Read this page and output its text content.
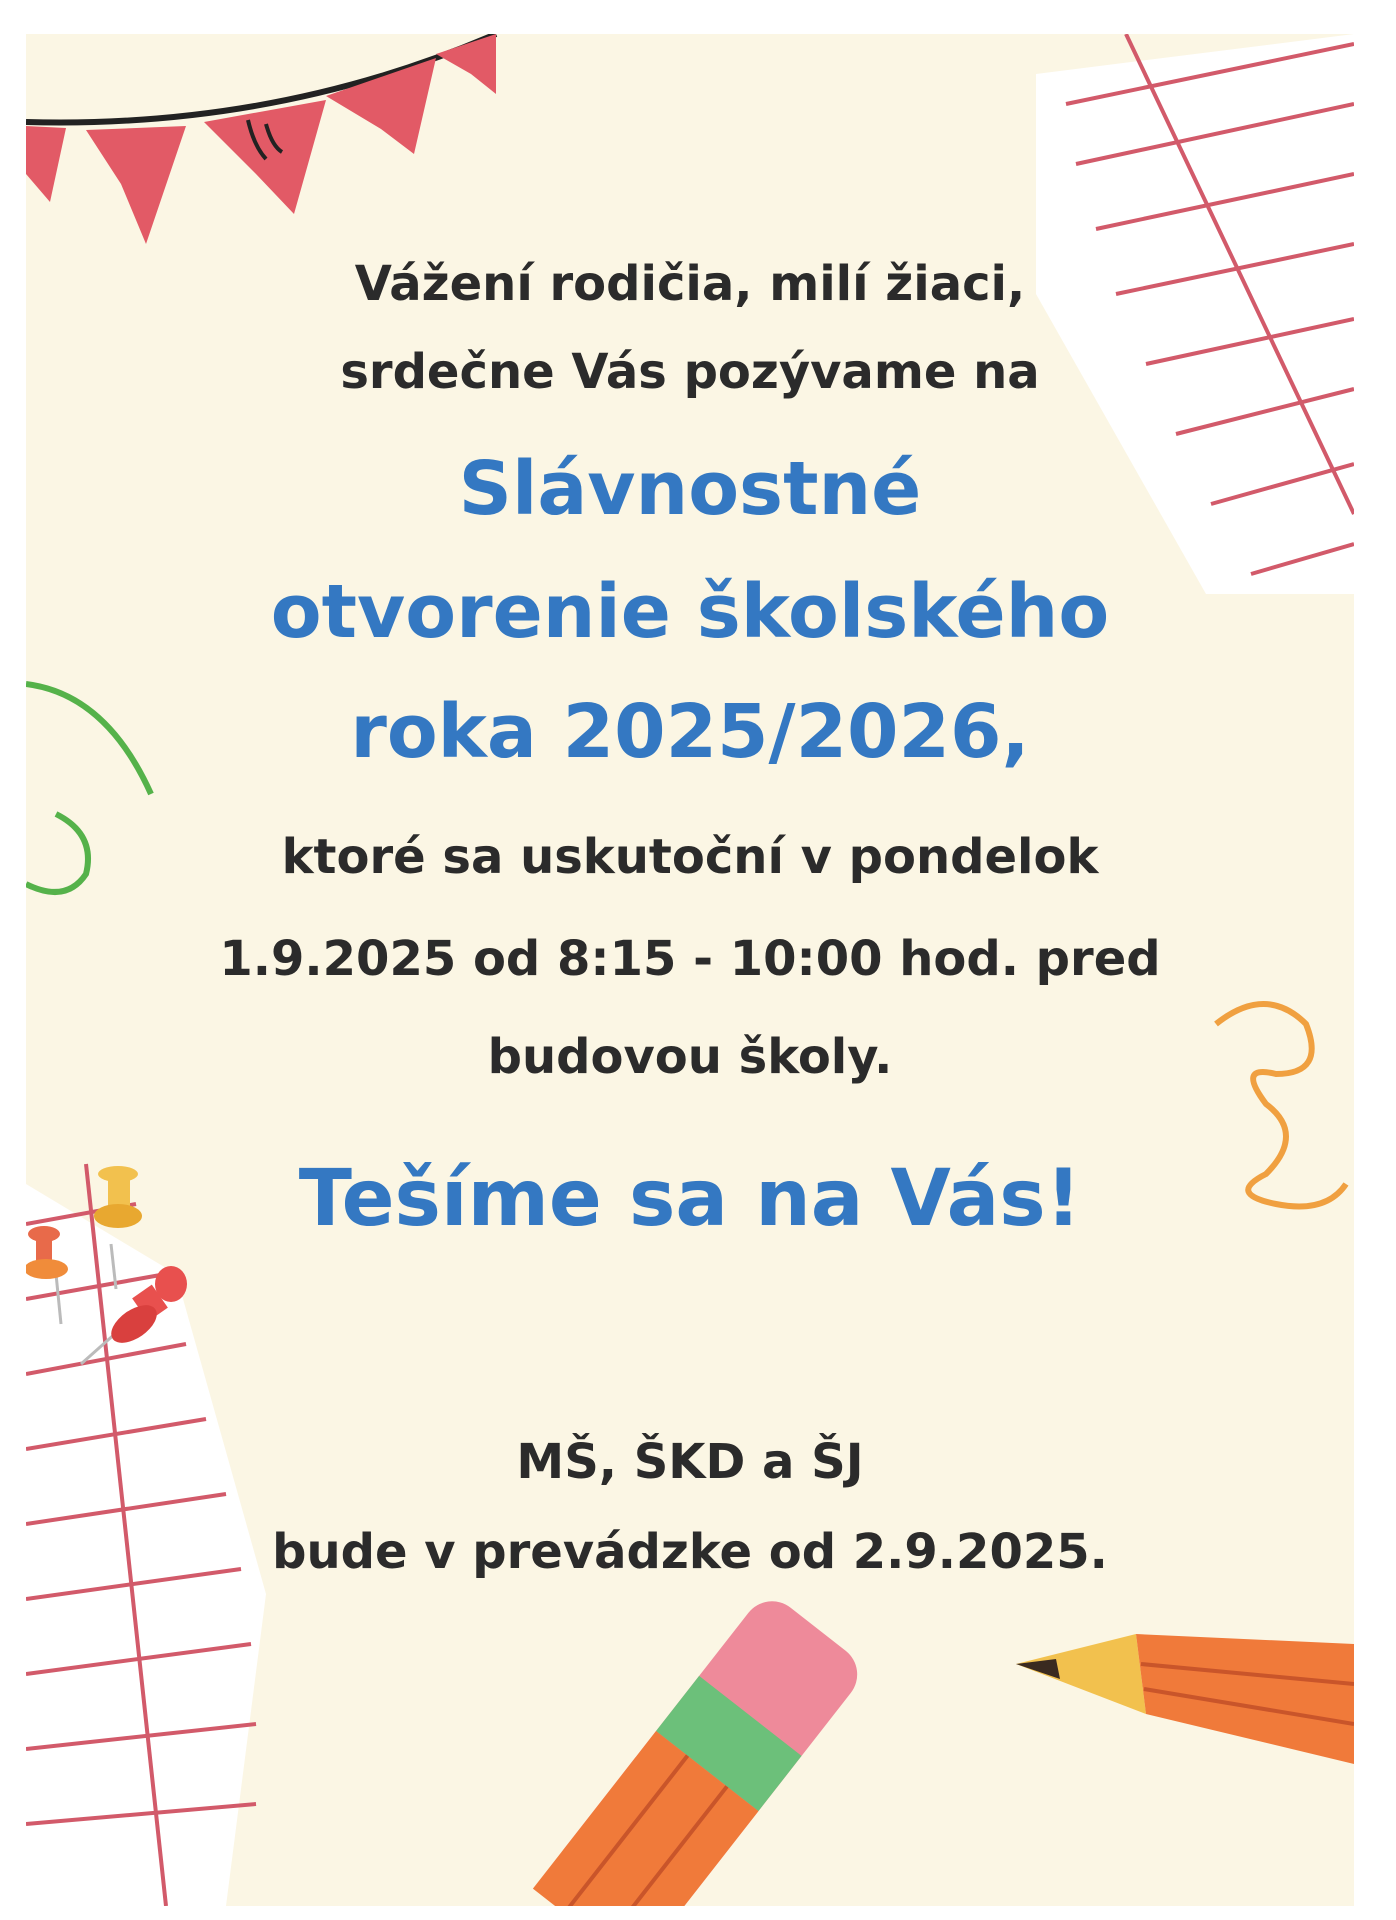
Vážení rodičia, milí žiaci,
srdečne Vás pozývame na
Slávnostné
otvorenie školského
roka 2025/2026,
ktoré sa uskutoční v pondelok
1.9.2025 od 8:15 - 10:00 hod. pred
budovou školy.
Tešíme sa na Vás!
MŠ, ŠKD a ŠJ
bude v prevádzke od 2.9.2025.
